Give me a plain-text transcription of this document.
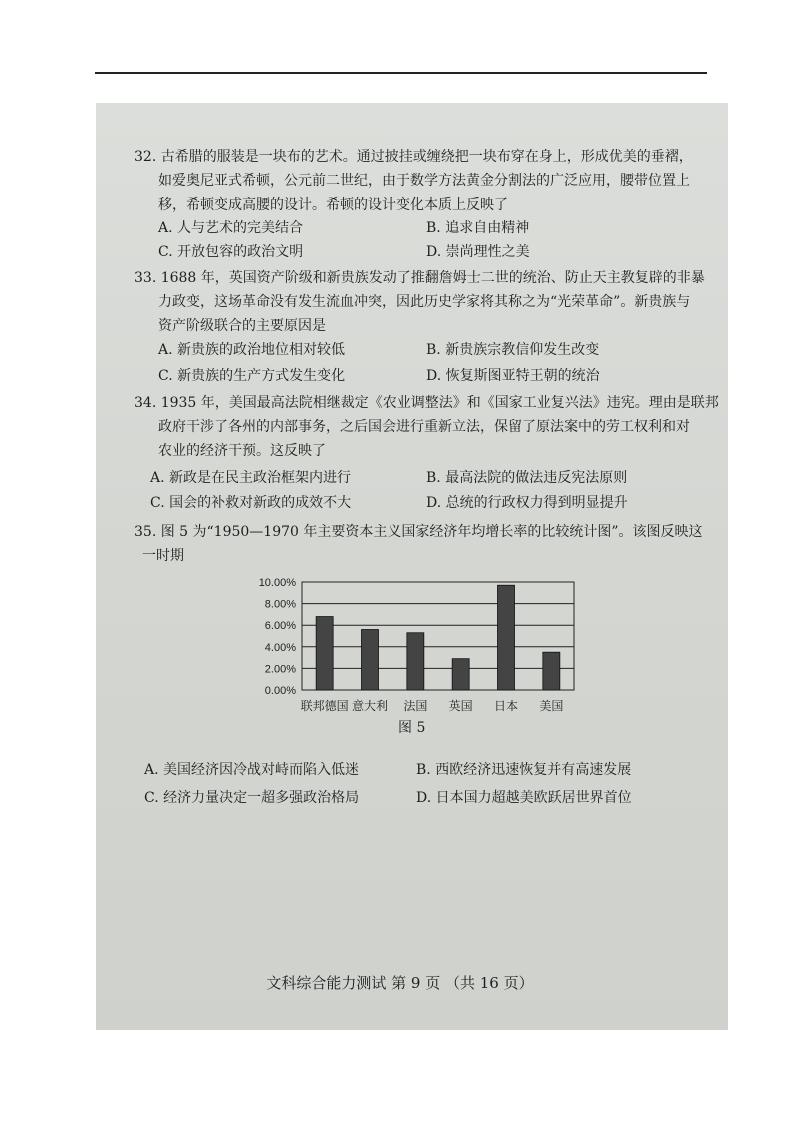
32. 古希腊的服装是一块布的艺术。通过披挂或缠绕把一块布穿在身上，形成优美的垂褶，
如爱奥尼亚式希顿，公元前二世纪，由于数学方法黄金分割法的广泛应用，腰带位置上
移，希顿变成高腰的设计。希顿的设计变化本质上反映了
A. 人与艺术的完美结合	B. 追求自由精神
C. 开放包容的政治文明	D. 崇尚理性之美
33. 1688 年，英国资产阶级和新贵族发动了推翻詹姆士二世的统治、防止天主教复辟的非暴
力政变，这场革命没有发生流血冲突，因此历史学家将其称之为“光荣革命”。新贵族与
资产阶级联合的主要原因是
A. 新贵族的政治地位相对较低	B. 新贵族宗教信仰发生改变
C. 新贵族的生产方式发生变化	D. 恢复斯图亚特王朝的统治
34. 1935 年，美国最高法院相继裁定《农业调整法》和《国家工业复兴法》违宪。理由是联邦
政府干涉了各州的内部事务，之后国会进行重新立法，保留了原法案中的劳工权利和对
农业的经济干预。这反映了
A. 新政是在民主政治框架内进行	B. 最高法院的做法违反宪法原则
C. 国会的补救对新政的成效不大	D. 总统的行政权力得到明显提升
35. 图 5 为“1950—1970 年主要资本主义国家经济年均增长率的比较统计图”。该图反映这
一时期
0.00%
2.00%
4.00%
6.00%
8.00%
10.00%
联邦德国 意大利 法国 英国 日本 美国
图 5
A. 美国经济因冷战对峙而陷入低迷	B. 西欧经济迅速恢复并有高速发展
C. 经济力量决定一超多强政治格局	D. 日本国力超越美欧跃居世界首位
文科综合能力测试 第 9 页 （共 16 页）
